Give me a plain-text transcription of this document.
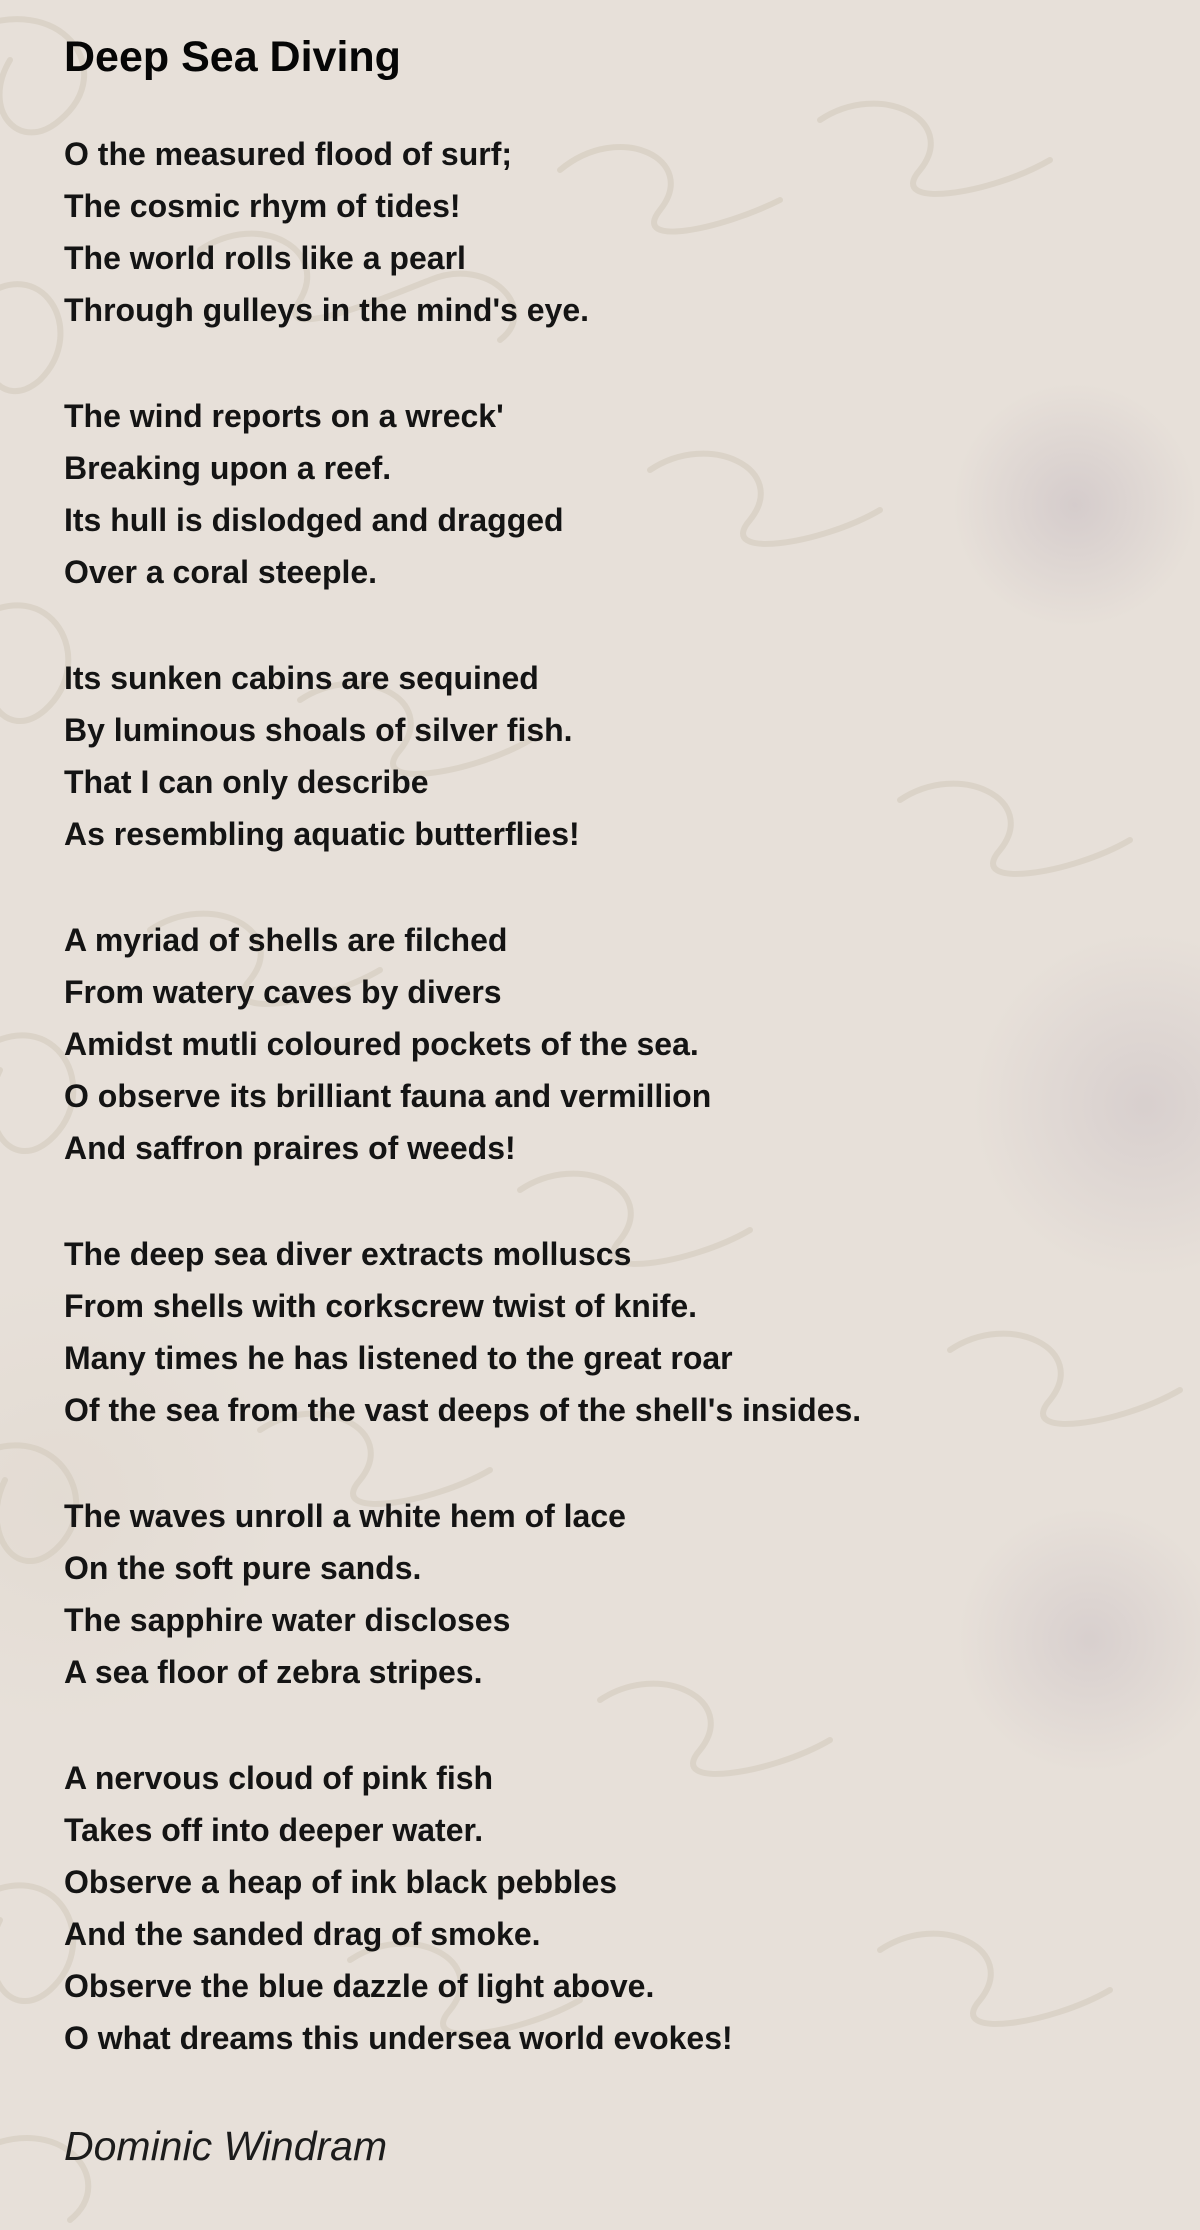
Deep Sea Diving

O the measured flood of surf;
The cosmic rhym of tides!
The world rolls like a pearl
Through gulleys in the mind's eye.

The wind reports on a wreck'
Breaking upon a reef.
Its hull is dislodged and dragged
Over a coral steeple.

Its sunken cabins are sequined
By luminous shoals of silver fish.
That I can only describe
As resembling aquatic butterflies!

A myriad of shells are filched
From watery caves by divers
Amidst mutli coloured pockets of the sea.
O observe its brilliant fauna and vermillion
And saffron praires of weeds!

The deep sea diver extracts molluscs
From shells with corkscrew twist of knife.
Many times he has listened to the great roar
Of the sea from the vast deeps of the shell's insides.

The waves unroll a white hem of lace
On the soft pure sands.
The sapphire water discloses
A sea floor of zebra stripes.

A nervous cloud of pink fish
Takes off into deeper water.
Observe a heap of ink black pebbles
And the sanded drag of smoke.
Observe the blue dazzle of light above.
O what dreams this undersea world evokes!

Dominic Windram
